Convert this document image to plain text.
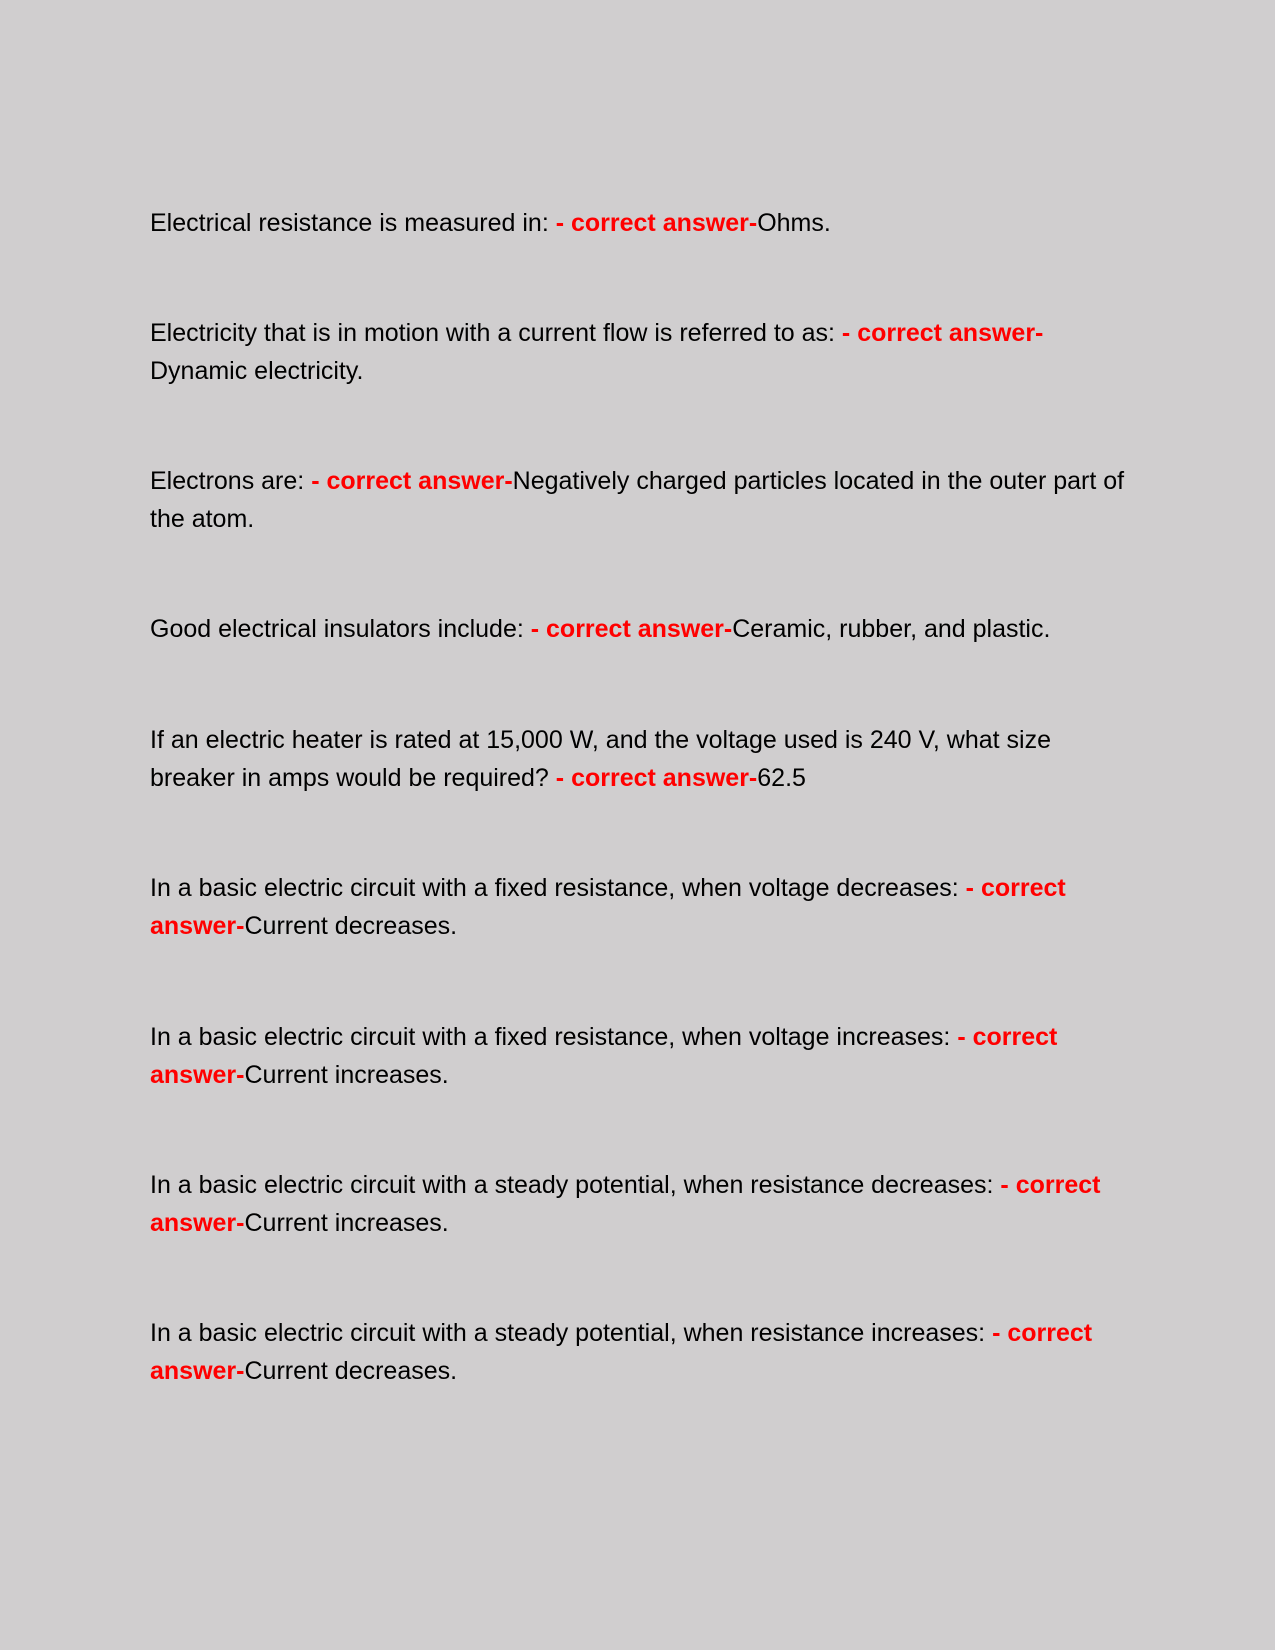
Electrical resistance is measured in: - correct answer-Ohms.

Electricity that is in motion with a current flow is referred to as: - correct answer-Dynamic electricity.

Electrons are: - correct answer-Negatively charged particles located in the outer part of the atom.

Good electrical insulators include: - correct answer-Ceramic, rubber, and plastic.

If an electric heater is rated at 15,000 W, and the voltage used is 240 V, what size breaker in amps would be required? - correct answer-62.5

In a basic electric circuit with a fixed resistance, when voltage decreases: - correct answer-Current decreases.

In a basic electric circuit with a fixed resistance, when voltage increases: - correct answer-Current increases.

In a basic electric circuit with a steady potential, when resistance decreases: - correct answer-Current increases.

In a basic electric circuit with a steady potential, when resistance increases: - correct answer-Current decreases.
